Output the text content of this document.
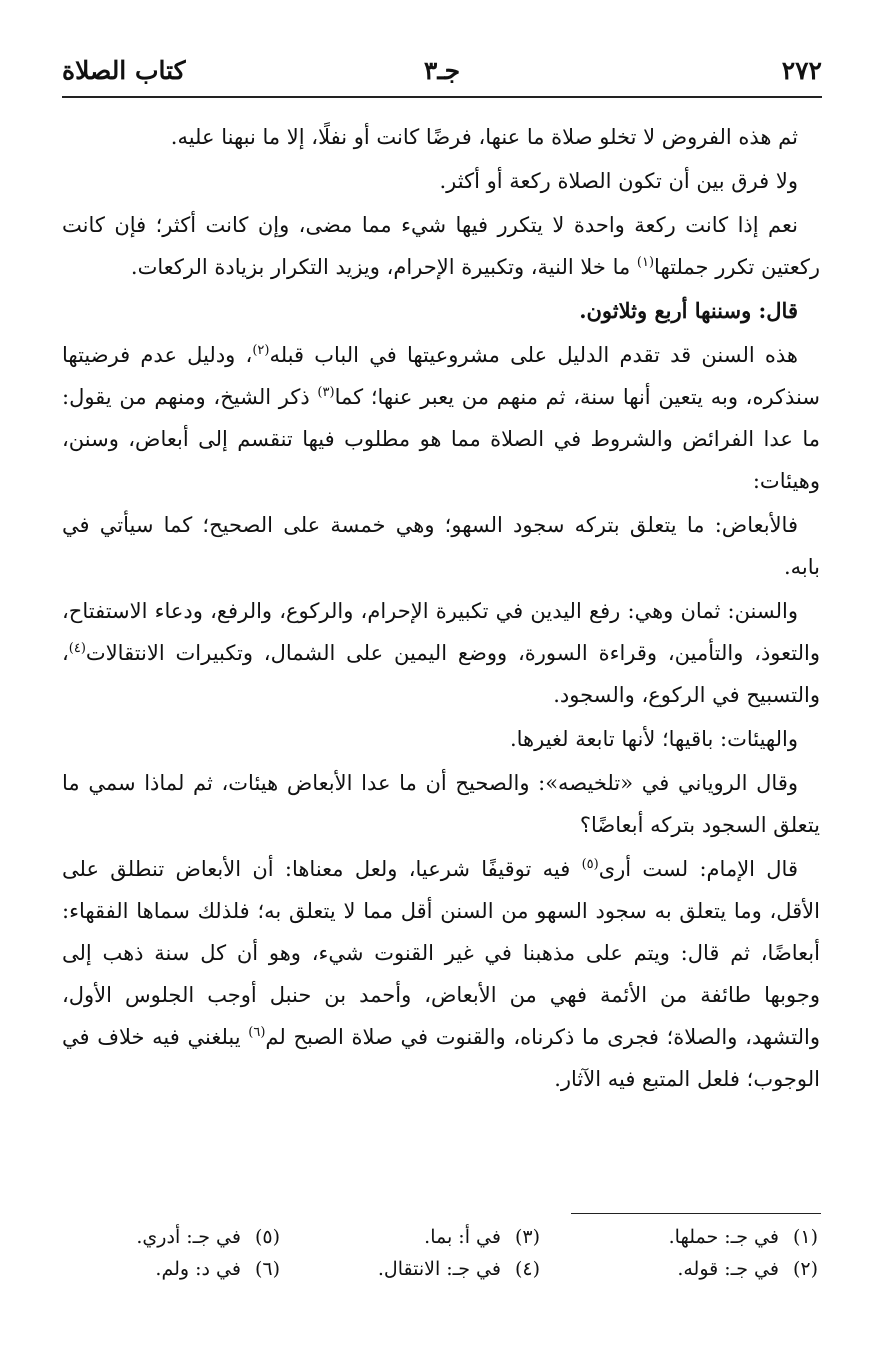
٢٧٢
جـ٣
كتاب الصلاة

ثم هذه الفروض لا تخلو صلاة ما عنها، فرضًا كانت أو نفلًا، إلا ما نبهنا عليه.

ولا فرق بين أن تكون الصلاة ركعة أو أكثر.

نعم إذا كانت ركعة واحدة لا يتكرر فيها شيء مما مضى، وإن كانت أكثر؛ فإن كانت ركعتين تكرر جملتها$^{(١)}$ ما خلا النية، وتكبيرة الإحرام، ويزيد التكرار بزيادة الركعات.

قال: وسننها أربع وثلاثون.

هذه السنن قد تقدم الدليل على مشروعيتها في الباب قبله$^{(٢)}$، ودليل عدم فرضيتها سنذكره، وبه يتعين أنها سنة، ثم منهم من يعبر عنها؛ كما$^{(٣)}$ ذكر الشيخ، ومنهم من يقول: ما عدا الفرائض والشروط في الصلاة مما هو مطلوب فيها تنقسم إلى أبعاض، وسنن، وهيئات:

فالأبعاض: ما يتعلق بتركه سجود السهو؛ وهي خمسة على الصحيح؛ كما سيأتي في بابه.

والسنن: ثمان وهي: رفع اليدين في تكبيرة الإحرام، والركوع، والرفع، ودعاء الاستفتاح، والتعوذ، والتأمين، وقراءة السورة، ووضع اليمين على الشمال، وتكبيرات الانتقالات$^{(٤)}$، والتسبيح في الركوع، والسجود.

والهيئات: باقيها؛ لأنها تابعة لغيرها.

وقال الروياني في «تلخيصه»: والصحيح أن ما عدا الأبعاض هيئات، ثم لماذا سمي ما يتعلق السجود بتركه أبعاضًا؟

قال الإمام: لست أرى$^{(٥)}$ فيه توقيفًا شرعيا، ولعل معناها: أن الأبعاض تنطلق على الأقل، وما يتعلق به سجود السهو من السنن أقل مما لا يتعلق به؛ فلذلك سماها الفقهاء: أبعاضًا، ثم قال: ويتم على مذهبنا في غير القنوت شيء، وهو أن كل سنة ذهب إلى وجوبها طائفة من الأئمة فهي من الأبعاض، وأحمد بن حنبل أوجب الجلوس الأول، والتشهد، والصلاة؛ فجرى ما ذكرناه، والقنوت في صلاة الصبح لم$^{(٦)}$ يبلغني فيه خلاف في الوجوب؛ فلعل المتبع فيه الآثار.

(١)في جـ: حملها.
(٢)في جـ: قوله.
(٣)في أ: بما.
(٤)في جـ: الانتقال.
(٥)في جـ: أدري.
(٦)في د: ولم.
